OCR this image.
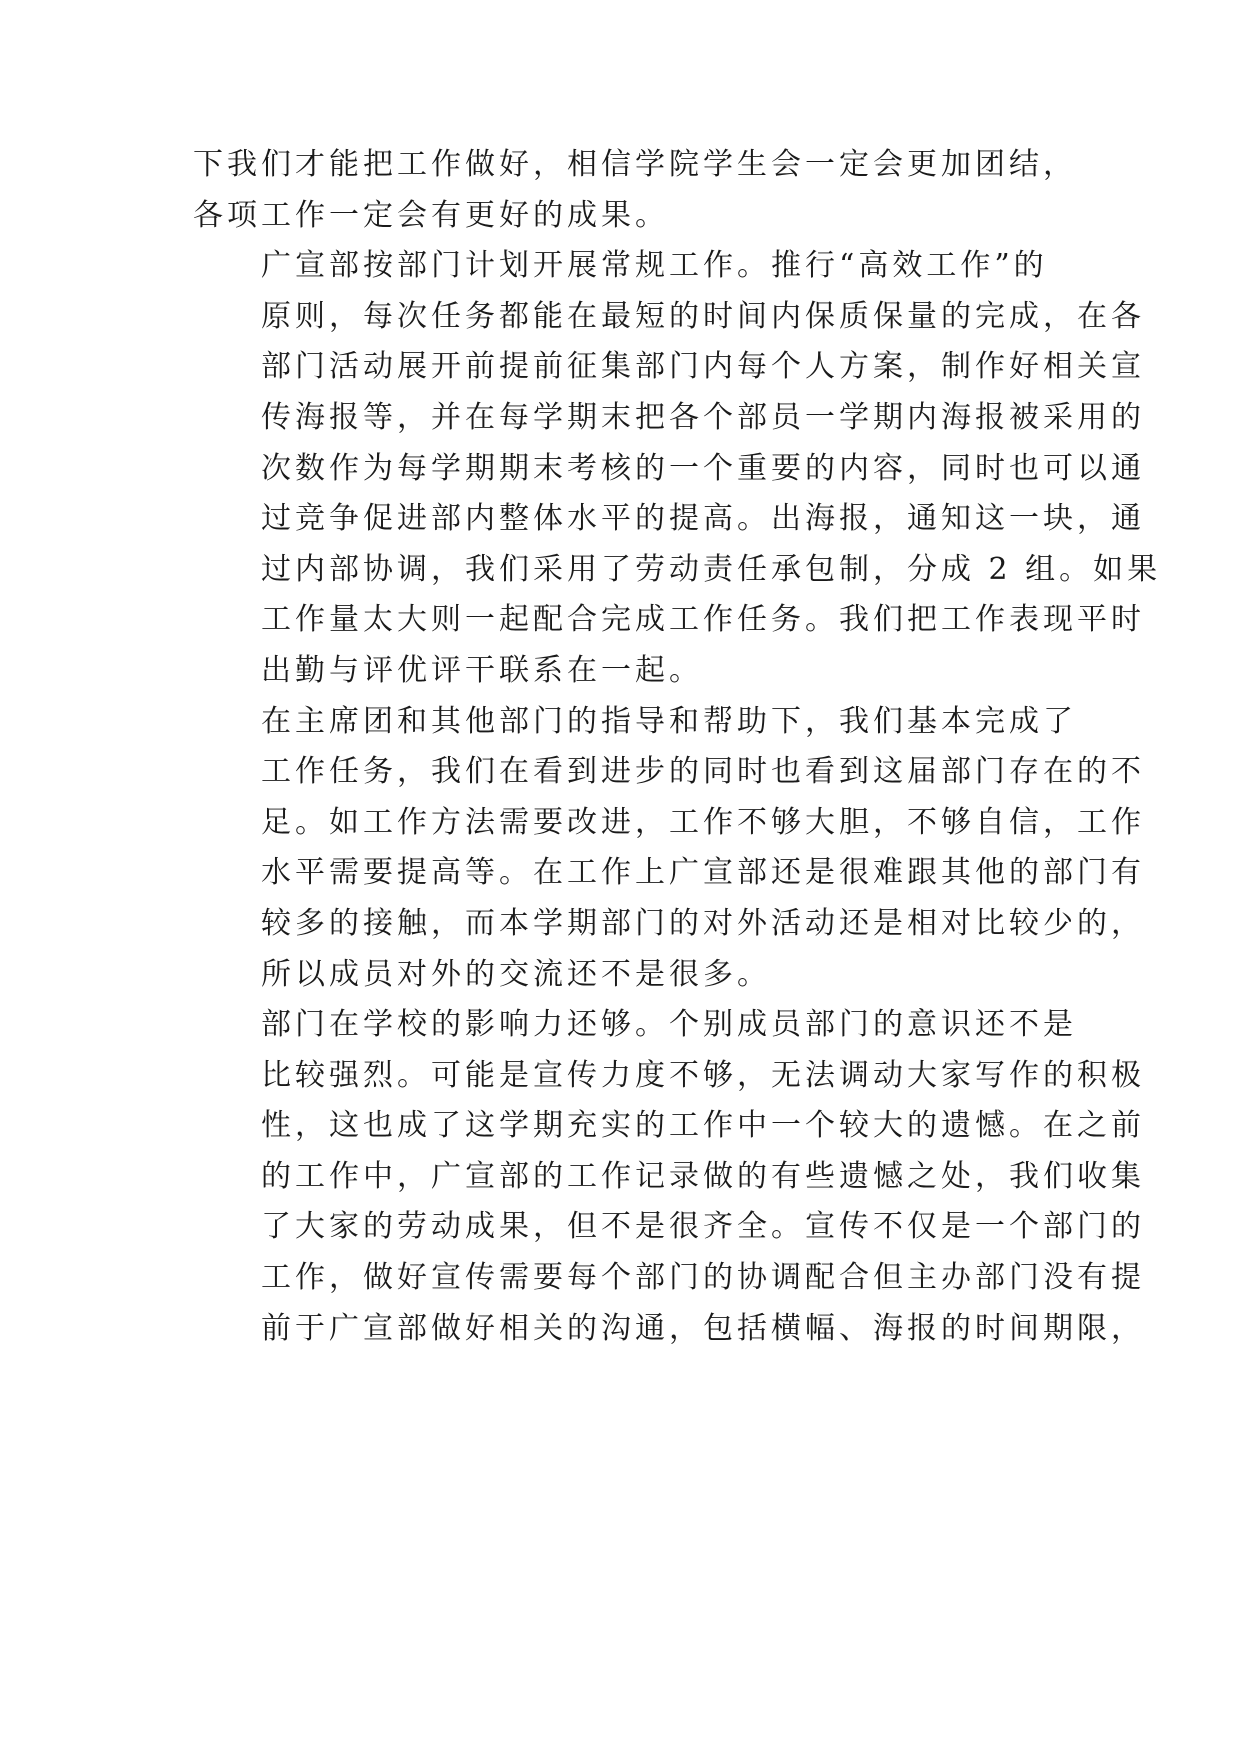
下我们才能把工作做好，相信学院学生会一定会更加团结，
各项工作一定会有更好的成果。

广宣部按部门计划开展常规工作。推行“高效工作”的
原则，每次任务都能在最短的时间内保质保量的完成，在各
部门活动展开前提前征集部门内每个人方案，制作好相关宣
传海报等，并在每学期末把各个部员一学期内海报被采用的
次数作为每学期期末考核的一个重要的内容，同时也可以通
过竞争促进部内整体水平的提高。出海报，通知这一块，通
过内部协调，我们采用了劳动责任承包制，分成 2 组。如果
工作量太大则一起配合完成工作任务。我们把工作表现平时
出勤与评优评干联系在一起。

在主席团和其他部门的指导和帮助下，我们基本完成了
工作任务，我们在看到进步的同时也看到这届部门存在的不
足。如工作方法需要改进，工作不够大胆，不够自信，工作
水平需要提高等。在工作上广宣部还是很难跟其他的部门有
较多的接触，而本学期部门的对外活动还是相对比较少的，
所以成员对外的交流还不是很多。

部门在学校的影响力还够。个别成员部门的意识还不是
比较强烈。可能是宣传力度不够，无法调动大家写作的积极
性，这也成了这学期充实的工作中一个较大的遗憾。在之前
的工作中，广宣部的工作记录做的有些遗憾之处，我们收集
了大家的劳动成果，但不是很齐全。宣传不仅是一个部门的
工作，做好宣传需要每个部门的协调配合但主办部门没有提
前于广宣部做好相关的沟通，包括横幅、海报的时间期限，
